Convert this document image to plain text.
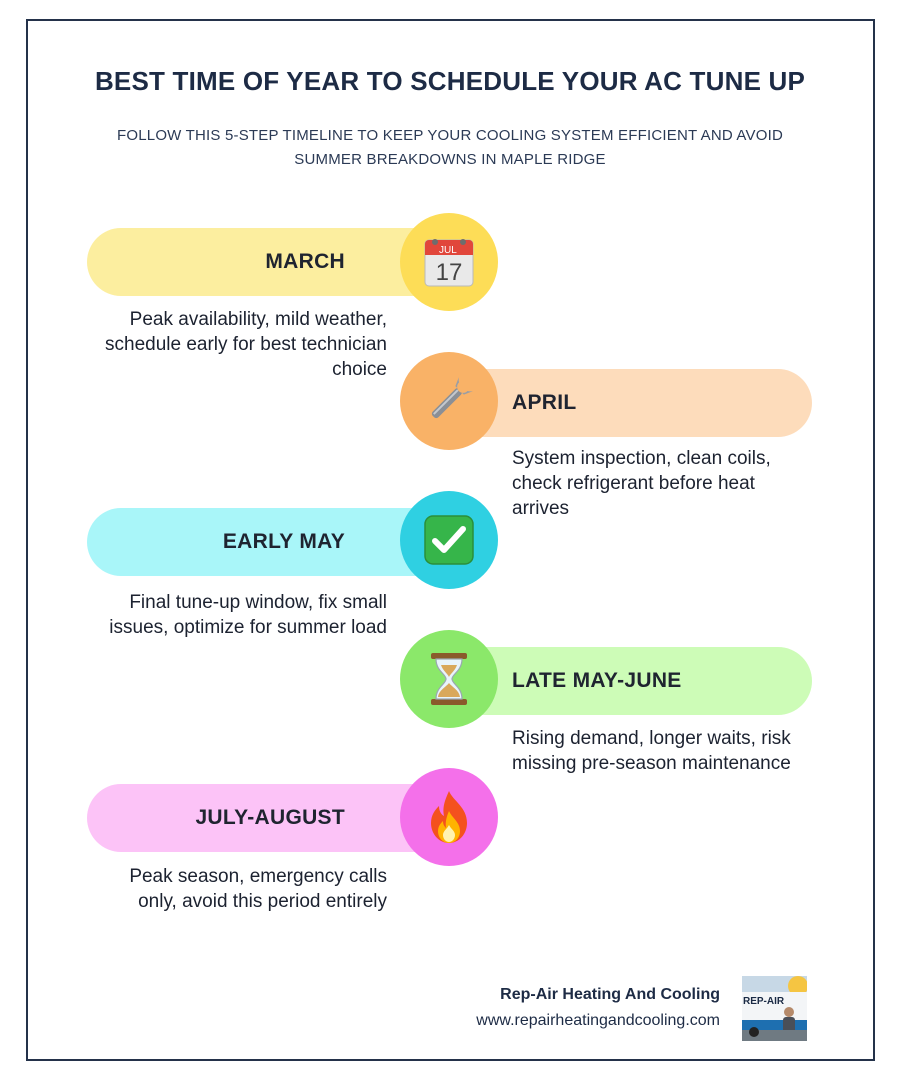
BEST TIME OF YEAR TO SCHEDULE YOUR AC TUNE UP
FOLLOW THIS 5-STEP TIMELINE TO KEEP YOUR COOLING SYSTEM EFFICIENT AND AVOID SUMMER BREAKDOWNS IN MAPLE RIDGE
MARCH	JUL
17
Peak availability, mild weather, schedule early for best technician choice
APRIL
System inspection, clean coils, check refrigerant before heat arrives
EARLY MAY
Final tune-up window, fix small issues, optimize for summer load
LATE MAY-JUNE
Rising demand, longer waits, risk missing pre-season maintenance
JULY-AUGUST
Peak season, emergency calls only, avoid this period entirely
Rep-Air Heating And Cooling
www.repairheatingandcooling.com
REP-AIR
